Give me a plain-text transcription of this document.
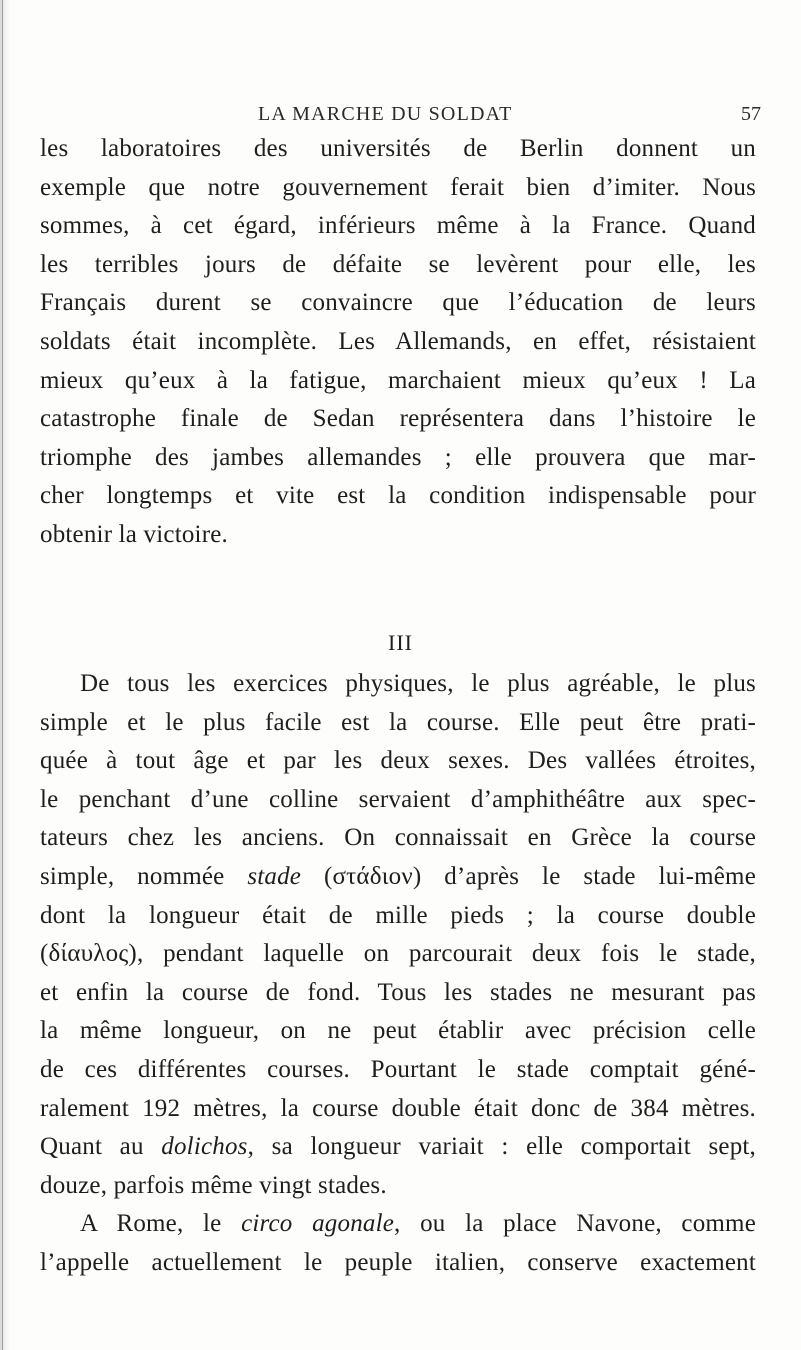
LA MARCHE DU SOLDAT	57
les laboratoires des universités de Berlin donnent un
exemple que notre gouvernement ferait bien d’imiter. Nous
sommes, à cet égard, inférieurs même à la France. Quand
les terribles jours de défaite se levèrent pour elle, les
Français durent se convaincre que l’éducation de leurs
soldats était incomplète. Les Allemands, en effet, résistaient
mieux qu’eux à la fatigue, marchaient mieux qu’eux ! La
catastrophe finale de Sedan représentera dans l’histoire le
triomphe des jambes allemandes ; elle prouvera que mar-
cher longtemps et vite est la condition indispensable pour
obtenir la victoire.
III
De tous les exercices physiques, le plus agréable, le plus
simple et le plus facile est la course. Elle peut être prati-
quée à tout âge et par les deux sexes. Des vallées étroites,
le penchant d’une colline servaient d’amphithéâtre aux spec-
tateurs chez les anciens. On connaissait en Grèce la course
simple, nommée stade (στάδιον) d’après le stade lui-même
dont la longueur était de mille pieds ; la course double
(δίαυλος), pendant laquelle on parcourait deux fois le stade,
et enfin la course de fond. Tous les stades ne mesurant pas
la même longueur, on ne peut établir avec précision celle
de ces différentes courses. Pourtant le stade comptait géné-
ralement 192 mètres, la course double était donc de 384 mètres.
Quant au dolichos, sa longueur variait : elle comportait sept,
douze, parfois même vingt stades.
A Rome, le circo agonale, ou la place Navone, comme
l’appelle actuellement le peuple italien, conserve exactement
